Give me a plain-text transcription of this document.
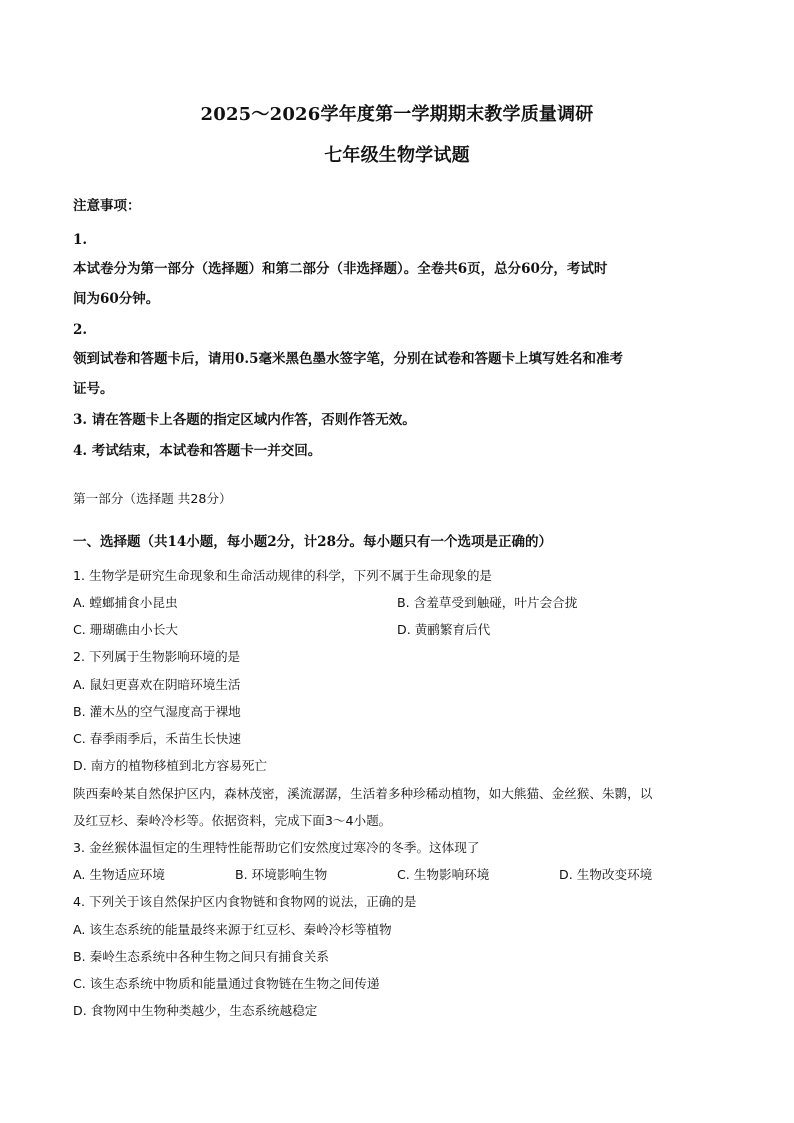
2025～2026学年度第一学期期末教学质量调研
七年级生物学试题
注意事项：
1.
本试卷分为第一部分（选择题）和第二部分（非选择题）。全卷共6页，总分60分，考试时
间为60分钟。
2.
领到试卷和答题卡后，请用0.5毫米黑色墨水签字笔，分别在试卷和答题卡上填写姓名和准考
证号。
3. 请在答题卡上各题的指定区域内作答，否则作答无效。
4. 考试结束，本试卷和答题卡一并交回。
第一部分（选择题 共28分）
一、选择题（共14小题，每小题2分，计28分。每小题只有一个选项是正确的）
1. 生物学是研究生命现象和生命活动规律的科学，下列不属于生命现象的是
A. 螳螂捕食小昆虫	B. 含羞草受到触碰，叶片会合拢
C. 珊瑚礁由小长大	D. 黄鹂繁育后代
2. 下列属于生物影响环境的是
A. 鼠妇更喜欢在阴暗环境生活
B. 灌木丛的空气湿度高于裸地
C. 春季雨季后，禾苗生长快速
D. 南方的植物移植到北方容易死亡
陕西秦岭某自然保护区内，森林茂密，溪流潺潺，生活着多种珍稀动植物，如大熊猫、金丝猴、朱鹮，以
及红豆杉、秦岭冷杉等。依据资料，完成下面3～4小题。
3. 金丝猴体温恒定的生理特性能帮助它们安然度过寒冷的冬季。这体现了
A. 生物适应环境	B. 环境影响生物	C. 生物影响环境	D. 生物改变环境
4. 下列关于该自然保护区内食物链和食物网的说法，正确的是
A. 该生态系统的能量最终来源于红豆杉、秦岭冷杉等植物
B. 秦岭生态系统中各种生物之间只有捕食关系
C. 该生态系统中物质和能量通过食物链在生物之间传递
D. 食物网中生物种类越少，生态系统越稳定
